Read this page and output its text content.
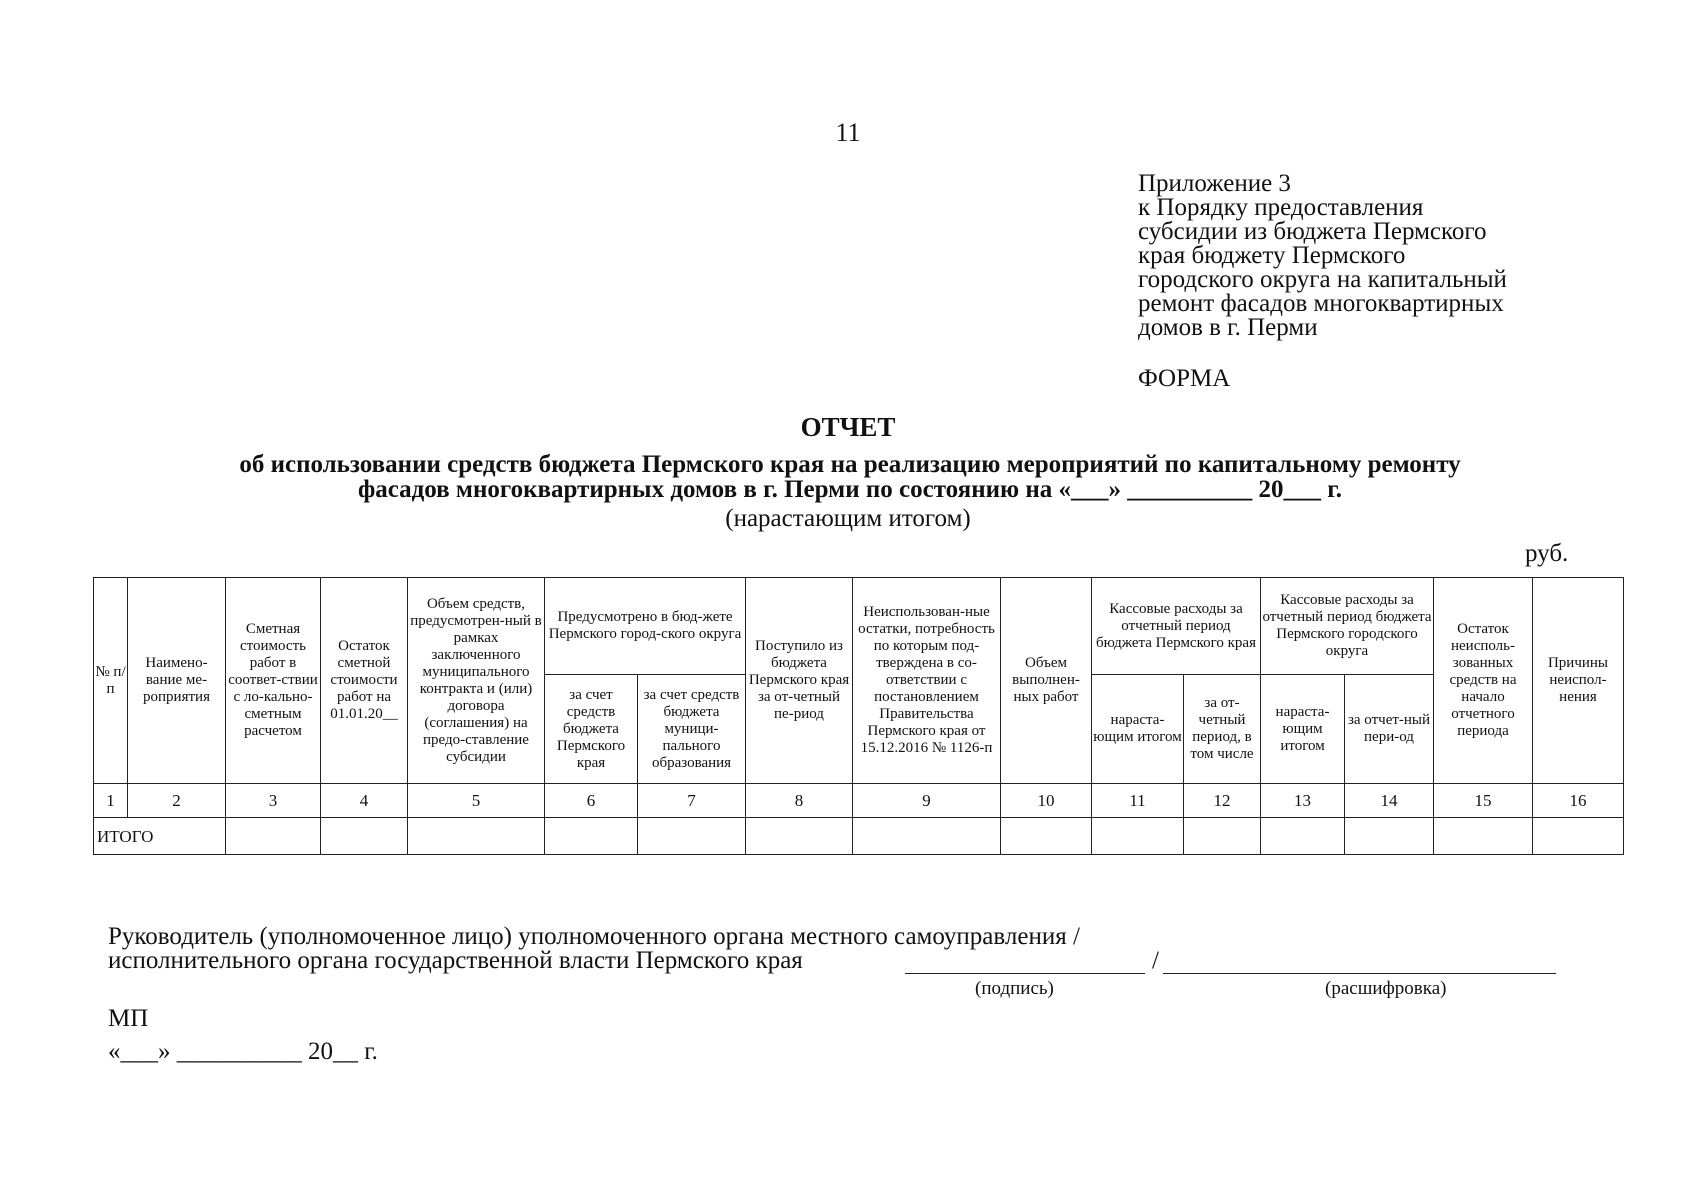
11
Приложение 3
к Порядку предоставления
субсидии из бюджета Пермского
края бюджету Пермского
городского округа на капитальный
ремонт фасадов многоквартирных
домов в г. Перми
ФОРМА
ОТЧЕТ
об использовании средств бюджета Пермского края на реализацию мероприятий по капитальному ремонту
фасадов многоквартирных домов в г. Перми по состоянию на «___» __________ 20___ г.
(нарастающим итогом)
руб.
№ п/п	Наимено-вание ме-роприятия	Сметная стоимость работ в соответ-ствии с ло-кально-сметным расчетом	Остаток сметной стоимости работ на 01.01.20__	Объем средств, предусмотрен-ный в рамках заключенного муниципального контракта и (или) договора (соглашения) на предо-ставление субсидии	Предусмотрено в бюд-жете Пермского город-ского округа		Поступило из бюджета Пермского края за от-четный пе-риод	Неиспользован-ные остатки, потребность по которым под-тверждена в со-ответствии с постановлением Правительства Пермского края от 15.12.2016 № 1126-п	Объем выполнен-ных работ	Кассовые расходы за отчетный период бюджета Пермского края		Кассовые расходы за отчетный период бюджета Пермского городского округа		Остаток неисполь-зованных средств на начало отчетного периода	Причины неиспол-нения
					за счет средств бюджета Пермского края	за счет средств бюджета муници-пального образования				нараста-ющим итогом	за от-четный период, в том числе				
												нараста-ющим итогом	за отчет-ный пери-од		
1	2	3	4	5	6	7	8	9	10	11	12	13	14	15	16
ИТОГО															
Руководитель (уполномоченное лицо) уполномоченного органа местного самоуправления /
исполнительного органа государственной власти Пермского края	/
(подпись)	(расшифровка)
МП
«___» __________ 20__ г.
